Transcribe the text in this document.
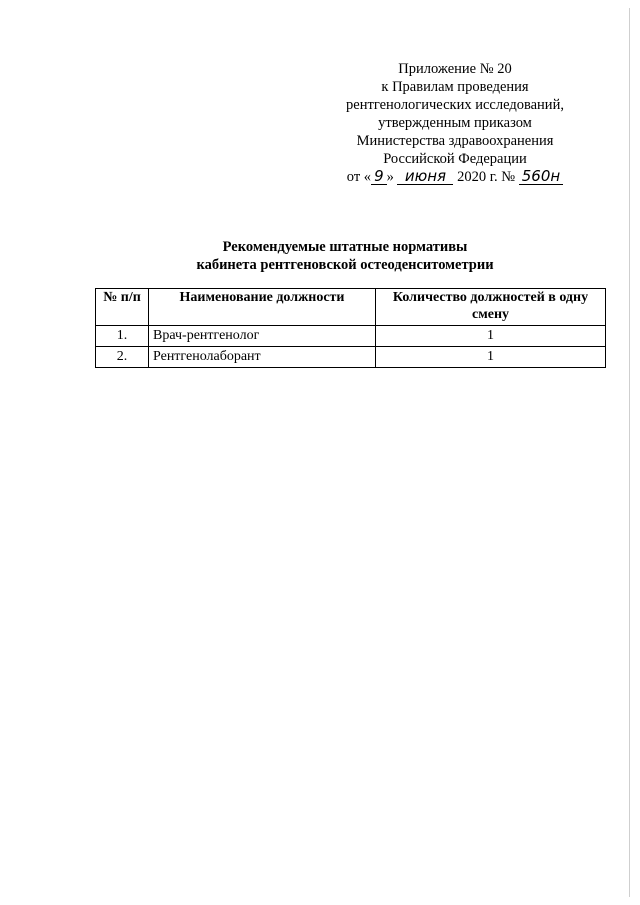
Приложение № 20
к Правилам проведения
рентгенологических исследований,
утвержденным приказом
Министерства здравоохранения
Российской Федерации
от « 9 » июня 2020 г. № 560н
Рекомендуемые штатные нормативы
кабинета рентгеновской остеоденситометрии
№ п/п	Наименование должности	Количество должностей в одну смену
1.	Врач-рентгенолог	1
2.	Рентгенолаборант	1
